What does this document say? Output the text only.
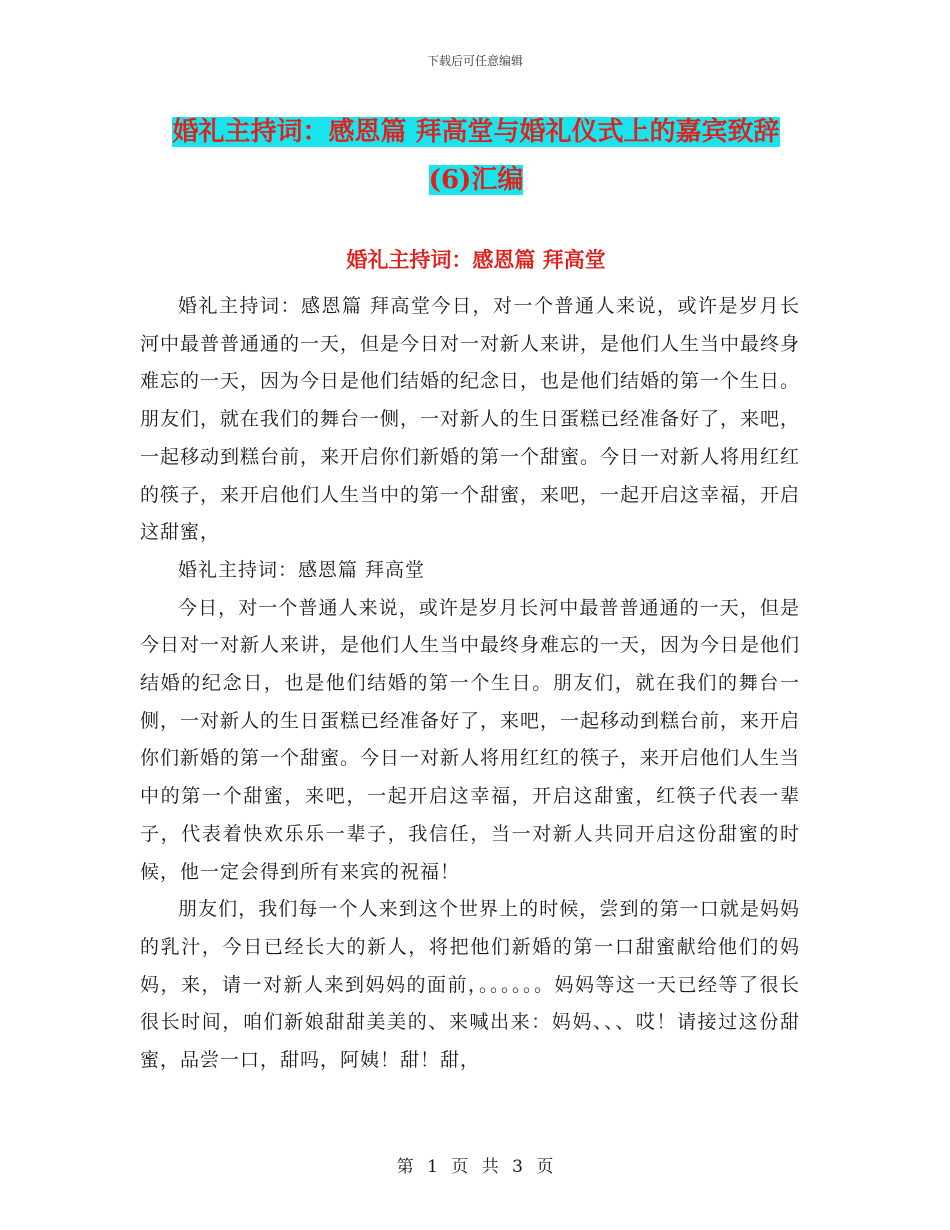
下载后可任意编辑
婚礼主持词：感恩篇 拜高堂与婚礼仪式上的嘉宾致辞
(6)汇编
婚礼主持词：感恩篇 拜高堂

婚礼主持词：感恩篇 拜高堂今日，对一个普通人来说，或许是岁月长河中最普普通通的一天，但是今日对一对新人来讲，是他们人生当中最终身难忘的一天，因为今日是他们结婚的纪念日，也是他们结婚的第一个生日。朋友们，就在我们的舞台一侧，一对新人的生日蛋糕已经准备好了，来吧，一起移动到糕台前，来开启你们新婚的第一个甜蜜。今日一对新人将用红红的筷子，来开启他们人生当中的第一个甜蜜，来吧，一起开启这幸福，开启这甜蜜，

婚礼主持词：感恩篇 拜高堂

今日，对一个普通人来说，或许是岁月长河中最普普通通的一天，但是今日对一对新人来讲，是他们人生当中最终身难忘的一天，因为今日是他们结婚的纪念日，也是他们结婚的第一个生日。朋友们，就在我们的舞台一侧，一对新人的生日蛋糕已经准备好了，来吧，一起移动到糕台前，来开启你们新婚的第一个甜蜜。今日一对新人将用红红的筷子，来开启他们人生当中的第一个甜蜜，来吧，一起开启这幸福，开启这甜蜜，红筷子代表一辈子，代表着快欢乐乐一辈子，我信任，当一对新人共同开启这份甜蜜的时候，他一定会得到所有来宾的祝福！

朋友们，我们每一个人来到这个世界上的时候，尝到的第一口就是妈妈的乳汁，今日已经长大的新人，将把他们新婚的第一口甜蜜献给他们的妈妈，来，请一对新人来到妈妈的面前，。。。。。。妈妈等这一天已经等了很长很长时间，咱们新娘甜甜美美的、来喊出来：妈妈、、、哎！请接过这份甜蜜，品尝一口，甜吗，阿姨！甜！甜，

第 1 页 共 3 页
